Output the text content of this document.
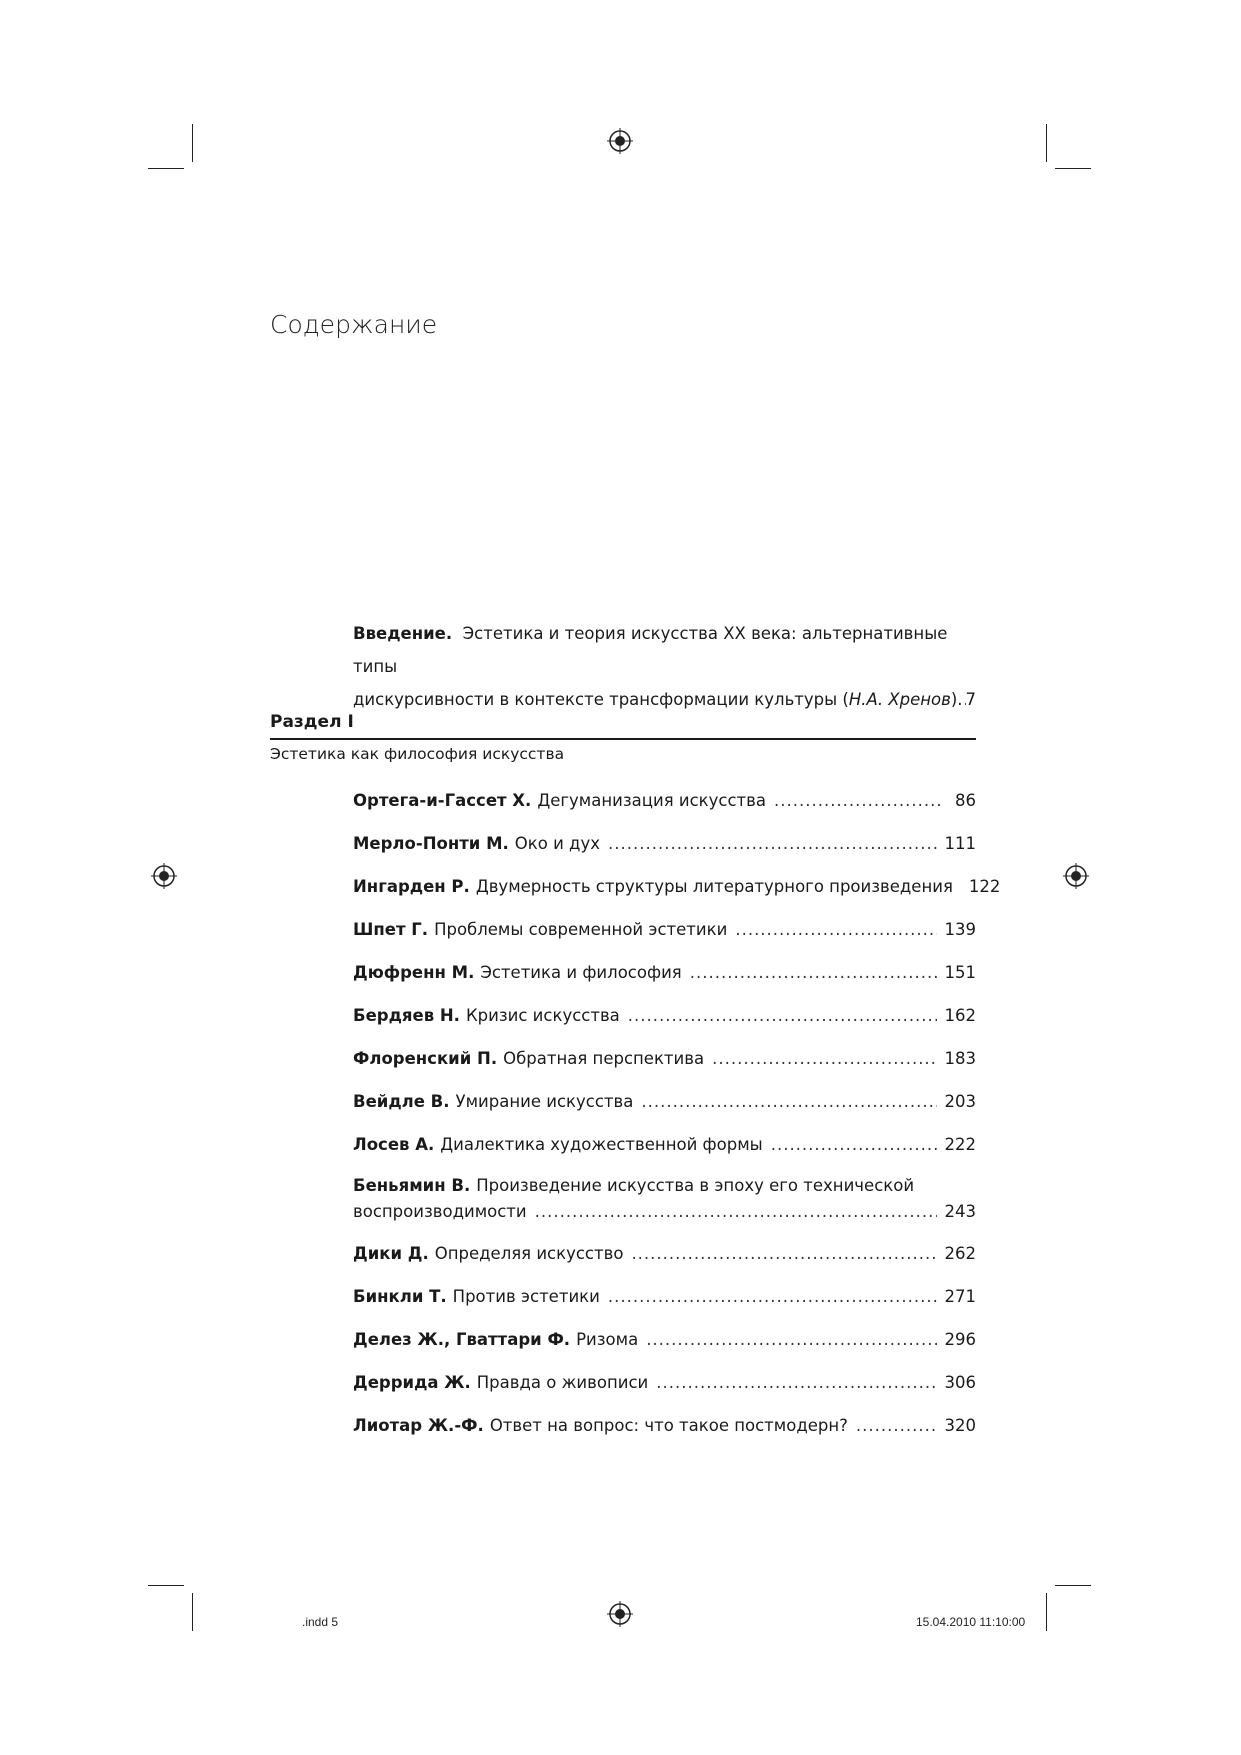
Содержание
Введение. Эстетика и теория искусства XX века: альтернативные типы
дискурсивности в контексте трансформации культуры ( Н.А. Хренов ) ..... 7
Раздел I
Эстетика как философия искусства
Ортега-и-Гассет Х. Дегуманизация искусства .....	86
Мерло-Понти М. Око и дух .....	111
Ингарден Р. Двумерность структуры литературного произведения 122
Шпет Г. Проблемы современной эстетики .....	139
Дюфренн М. Эстетика и философия .....	151
Бердяев Н. Кризис искусства .....	162
Флоренский П. Обратная перспектива .....	183
Вейдле В. Умирание искусства .....	203
Лосев А. Диалектика художественной формы .....	222
Беньямин В. Произведение искусства в эпоху его технической
воспроизводимости .....	243
Дики Д. Определяя искусство .....	262
Бинкли Т. Против эстетики .....	271
Делез Ж., Гваттари Ф. Ризома .....	296
Деррида Ж. Правда о живописи .....	306
Лиотар Ж.-Ф. Ответ на вопрос: что такое постмодерн? .....	320
.indd 5	15.04.2010 11:10:00
